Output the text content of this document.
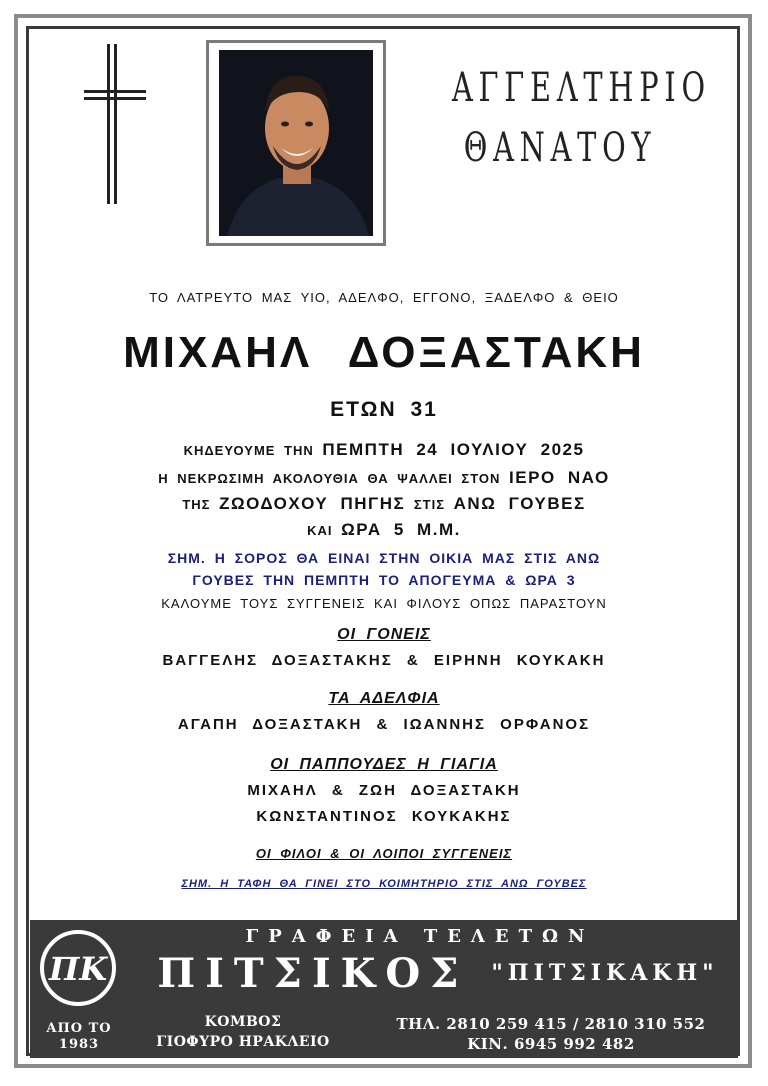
ΑΓΓΕΛΤΗΡΙΟ
ΘΑΝΑΤΟΥ
ΤΟ ΛΑΤΡΕΥΤΟ ΜΑΣ ΥΙΟ, ΑΔΕΛΦΟ, ΕΓΓΟΝΟ, ΞΑΔΕΛΦΟ & ΘΕΙΟ
ΜΙΧΑΗΛ ΔΟΞΑΣΤΑΚΗ
ΕΤΩΝ 31
ΚΗΔΕΥΟΥΜΕ ΤΗΝ ΠΕΜΠΤΗ 24 ΙΟΥΛΙΟΥ 2025
Η ΝΕΚΡΩΣΙΜΗ ΑΚΟΛΟΥΘΙΑ ΘΑ ΨΑΛΛΕΙ ΣΤΟΝ ΙΕΡΟ ΝΑΟ
ΤΗΣ ΖΩΟΔΟΧΟΥ ΠΗΓΗΣ ΣΤΙΣ ΑΝΩ ΓΟΥΒΕΣ
ΚΑΙ ΩΡΑ 5 Μ.Μ.
ΣΗΜ. Η ΣΟΡΟΣ ΘΑ ΕΙΝΑΙ ΣΤΗΝ ΟΙΚΙΑ ΜΑΣ ΣΤΙΣ ΑΝΩ
ΓΟΥΒΕΣ ΤΗΝ ΠΕΜΠΤΗ ΤΟ ΑΠΟΓΕΥΜΑ & ΩΡΑ 3
ΚΑΛΟΥΜΕ ΤΟΥΣ ΣΥΓΓΕΝΕΙΣ ΚΑΙ ΦΙΛΟΥΣ ΟΠΩΣ ΠΑΡΑΣΤΟΥΝ
ΟΙ ΓΟΝΕΙΣ
ΒΑΓΓΕΛΗΣ ΔΟΞΑΣΤΑΚΗΣ & ΕΙΡΗΝΗ ΚΟΥΚΑΚΗ
ΤΑ ΑΔΕΛΦΙΑ
ΑΓΑΠΗ ΔΟΞΑΣΤΑΚΗ & ΙΩΑΝΝΗΣ ΟΡΦΑΝΟΣ
ΟΙ ΠΑΠΠΟΥΔΕΣ Η ΓΙΑΓΙΑ
ΜΙΧΑΗΛ & ΖΩΗ ΔΟΞΑΣΤΑΚΗ
ΚΩΝΣΤΑΝΤΙΝΟΣ ΚΟΥΚΑΚΗΣ
ΟΙ ΦΙΛΟΙ & ΟΙ ΛΟΙΠΟΙ ΣΥΓΓΕΝΕΙΣ
ΣΗΜ. Η ΤΑΦΗ ΘΑ ΓΙΝΕΙ ΣΤΟ ΚΟΙΜΗΤΗΡΙΟ ΣΤΙΣ ΑΝΩ ΓΟΥΒΕΣ
ΠΚ
ΑΠΟ ΤΟ
1983
ΓΡΑΦΕΙΑ ΤΕΛΕΤΩΝ
ΠΙΤΣΙΚΟΣ	"ΠΙΤΣΙΚΑΚΗ"
ΚΟΜΒΟΣ
ΓΙΟΦΥΡΟ ΗΡΑΚΛΕΙΟ
ΤΗΛ. 2810 259 415 / 2810 310 552
ΚΙΝ. 6945 992 482
